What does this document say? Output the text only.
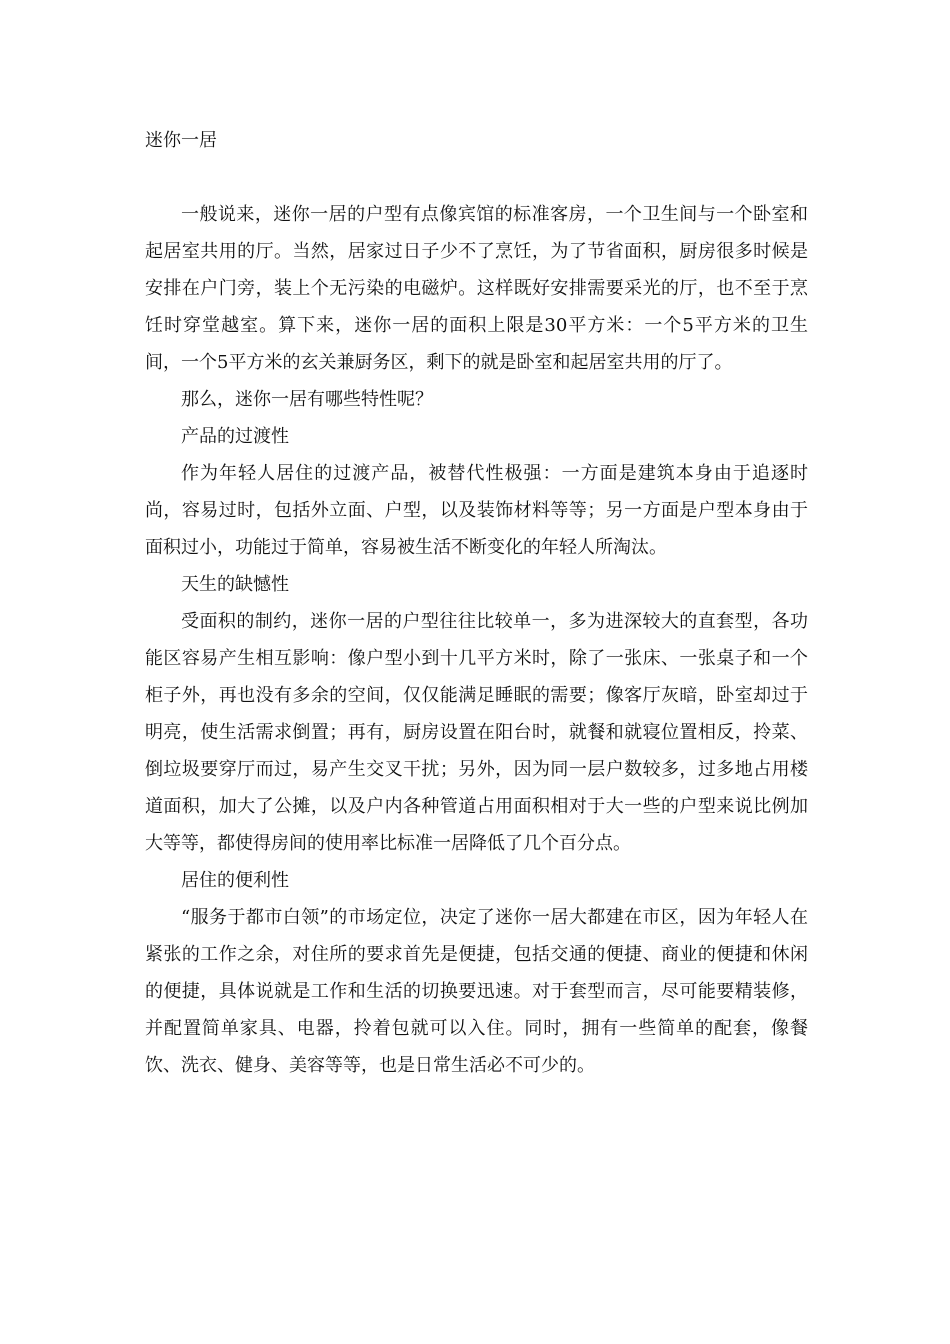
迷你一居

一般说来，迷你一居的户型有点像宾馆的标准客房，一个卫生间与一个卧室和起居室共用的厅。当然，居家过日子少不了烹饪，为了节省面积，厨房很多时候是安排在户门旁，装上个无污染的电磁炉。这样既好安排需要采光的厅，也不至于烹饪时穿堂越室。算下来，迷你一居的面积上限是30平方米：一个5平方米的卫生间，一个5平方米的玄关兼厨务区，剩下的就是卧室和起居室共用的厅了。

那么，迷你一居有哪些特性呢？

产品的过渡性

作为年轻人居住的过渡产品，被替代性极强：一方面是建筑本身由于追逐时尚，容易过时，包括外立面、户型，以及装饰材料等等；另一方面是户型本身由于面积过小，功能过于简单，容易被生活不断变化的年轻人所淘汰。

天生的缺憾性

受面积的制约，迷你一居的户型往往比较单一，多为进深较大的直套型，各功能区容易产生相互影响：像户型小到十几平方米时，除了一张床、一张桌子和一个柜子外，再也没有多余的空间，仅仅能满足睡眠的需要；像客厅灰暗，卧室却过于明亮，使生活需求倒置；再有，厨房设置在阳台时，就餐和就寝位置相反，拎菜、倒垃圾要穿厅而过，易产生交叉干扰；另外，因为同一层户数较多，过多地占用楼道面积，加大了公摊，以及户内各种管道占用面积相对于大一些的户型来说比例加大等等，都使得房间的使用率比标准一居降低了几个百分点。

居住的便利性

“服务于都市白领”的市场定位，决定了迷你一居大都建在市区，因为年轻人在紧张的工作之余，对住所的要求首先是便捷，包括交通的便捷、商业的便捷和休闲的便捷，具体说就是工作和生活的切换要迅速。对于套型而言，尽可能要精装修，并配置简单家具、电器，拎着包就可以入住。同时，拥有一些简单的配套，像餐饮、洗衣、健身、美容等等，也是日常生活必不可少的。
